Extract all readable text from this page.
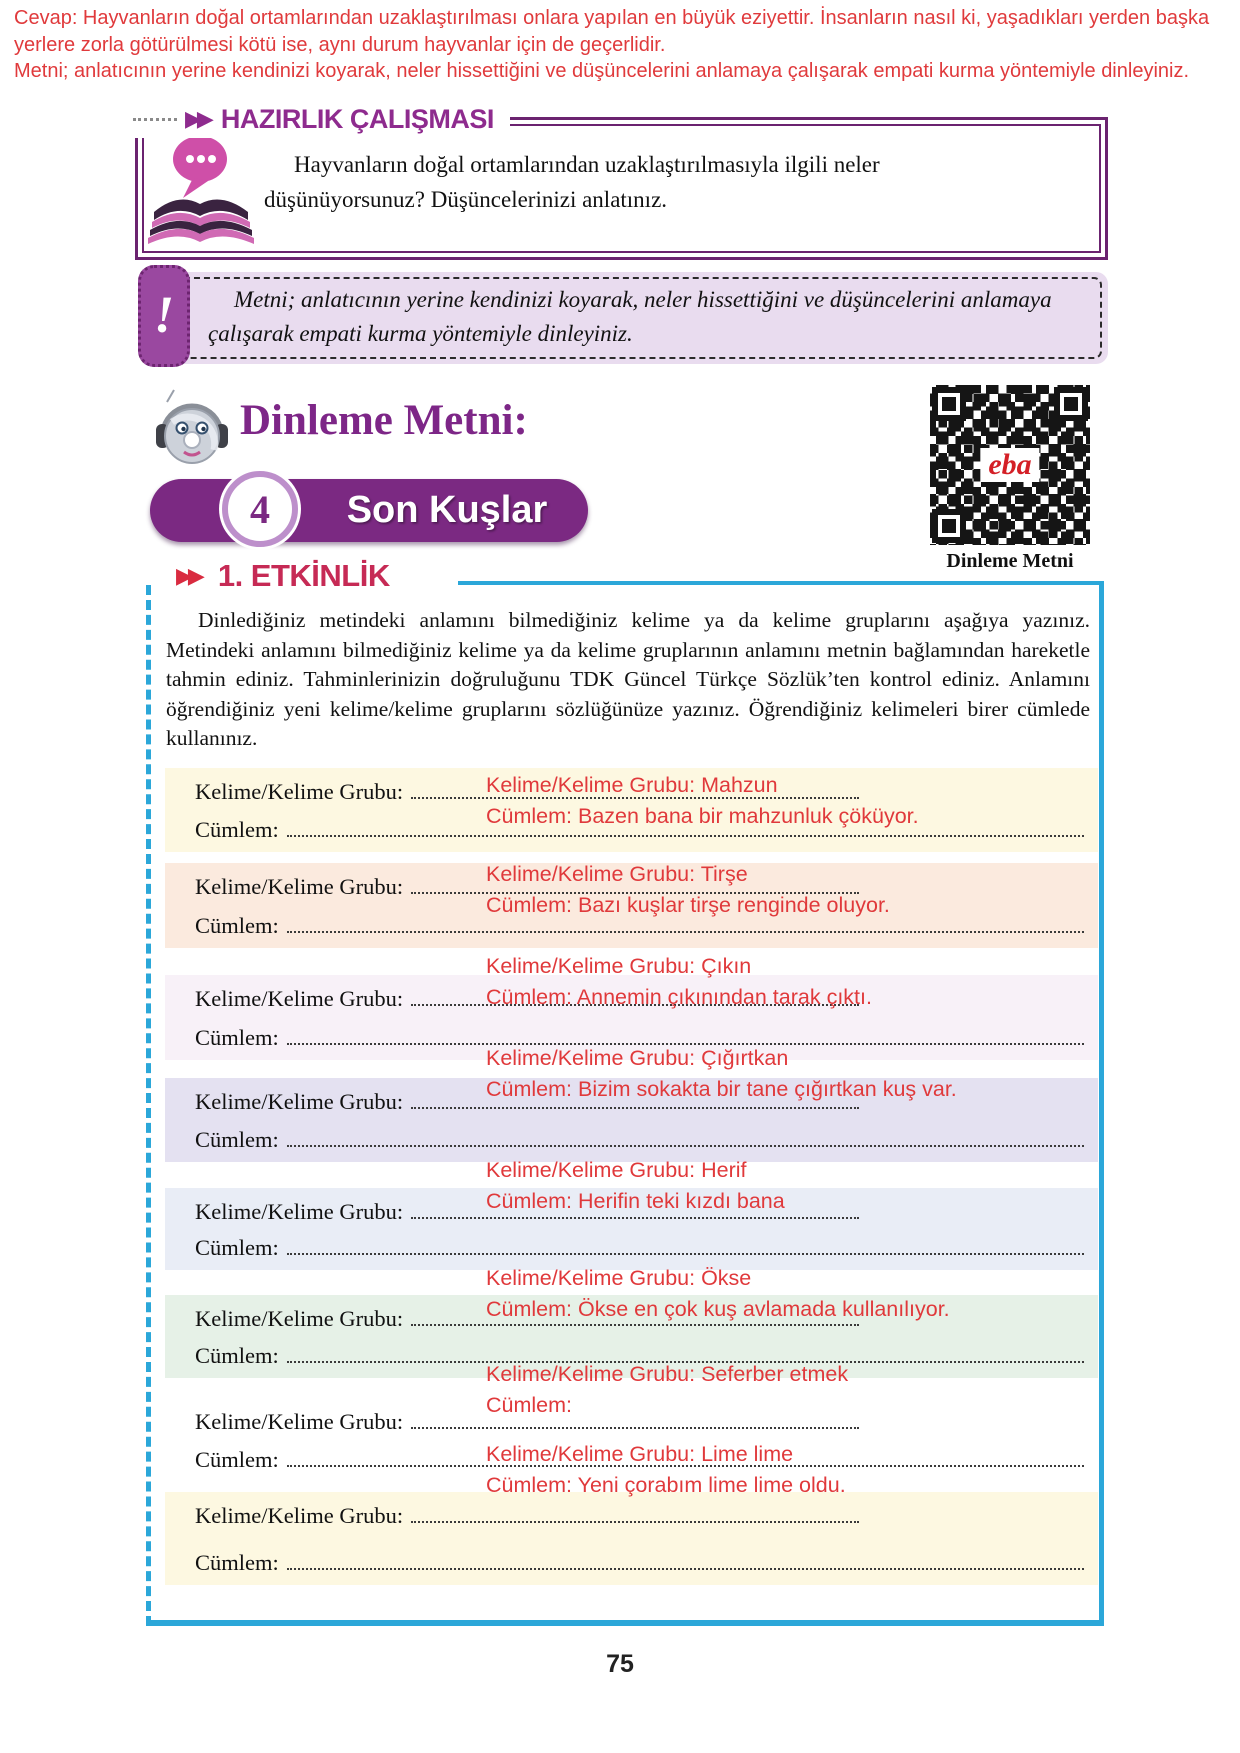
Cevap: Hayvanların doğal ortamlarından uzaklaştırılması onlara yapılan en büyük eziyettir. İnsanların nasıl ki, yaşadıkları yerden başka yerlere zorla götürülmesi kötü ise, aynı durum hayvanlar için de geçerlidir.
Metni; anlatıcının yerine kendinizi koyarak, neler hissettiğini ve düşüncelerini anlamaya çalışarak empati kurma yöntemiyle dinleyiniz.
▶▶ HAZIRLIK ÇALIŞMASI
Hayvanların doğal ortamlarından uzaklaştırılmasıyla ilgili neler düşünüyorsunuz? Düşüncelerinizi anlatınız.
Metni; anlatıcının yerine kendinizi koyarak, neler hissettiğini ve düşüncelerini anlamaya çalışarak empati kurma yöntemiyle dinleyiniz.
!
Dinleme Metni:
4	Son Kuşlar
eba
Dinleme Metni
▶▶ 1. ETKİNLİK
Dinlediğiniz metindeki anlamını bilmediğiniz kelime ya da kelime gruplarını aşağıya yazınız. Metindeki anlamını bilmediğiniz kelime ya da kelime gruplarının anlamını metnin bağlamından hareketle tahmin ediniz. Tahminlerinizin doğruluğunu TDK Güncel Türkçe Sözlük’ten kontrol ediniz. Anlamını öğrendiğiniz yeni kelime/kelime gruplarını sözlüğünüze yazınız. Öğrendiğiniz kelimeleri birer cümlede kullanınız.
Kelime/Kelime Grubu:
Cümlem:
Kelime/Kelime Grubu:
Cümlem:
Kelime/Kelime Grubu:
Cümlem:
Kelime/Kelime Grubu:
Cümlem:
Kelime/Kelime Grubu:
Cümlem:
Kelime/Kelime Grubu:
Cümlem:
Kelime/Kelime Grubu:
Cümlem:
Kelime/Kelime Grubu:
Cümlem:
Kelime/Kelime Grubu: Mahzun
Cümlem: Bazen bana bir mahzunluk çöküyor.
Kelime/Kelime Grubu: Tirşe
Cümlem: Bazı kuşlar tirşe renginde oluyor.
Kelime/Kelime Grubu: Çıkın
Cümlem: Annemin çıkınından tarak çıktı.
Kelime/Kelime Grubu: Çığırtkan
Cümlem: Bizim sokakta bir tane çığırtkan kuş var.
Kelime/Kelime Grubu: Herif
Cümlem: Herifin teki kızdı bana
Kelime/Kelime Grubu: Ökse
Cümlem: Ökse en çok kuş avlamada kullanılıyor.
Kelime/Kelime Grubu: Seferber etmek
Cümlem:
Kelime/Kelime Grubu: Lime lime
Cümlem: Yeni çorabım lime lime oldu.
75
